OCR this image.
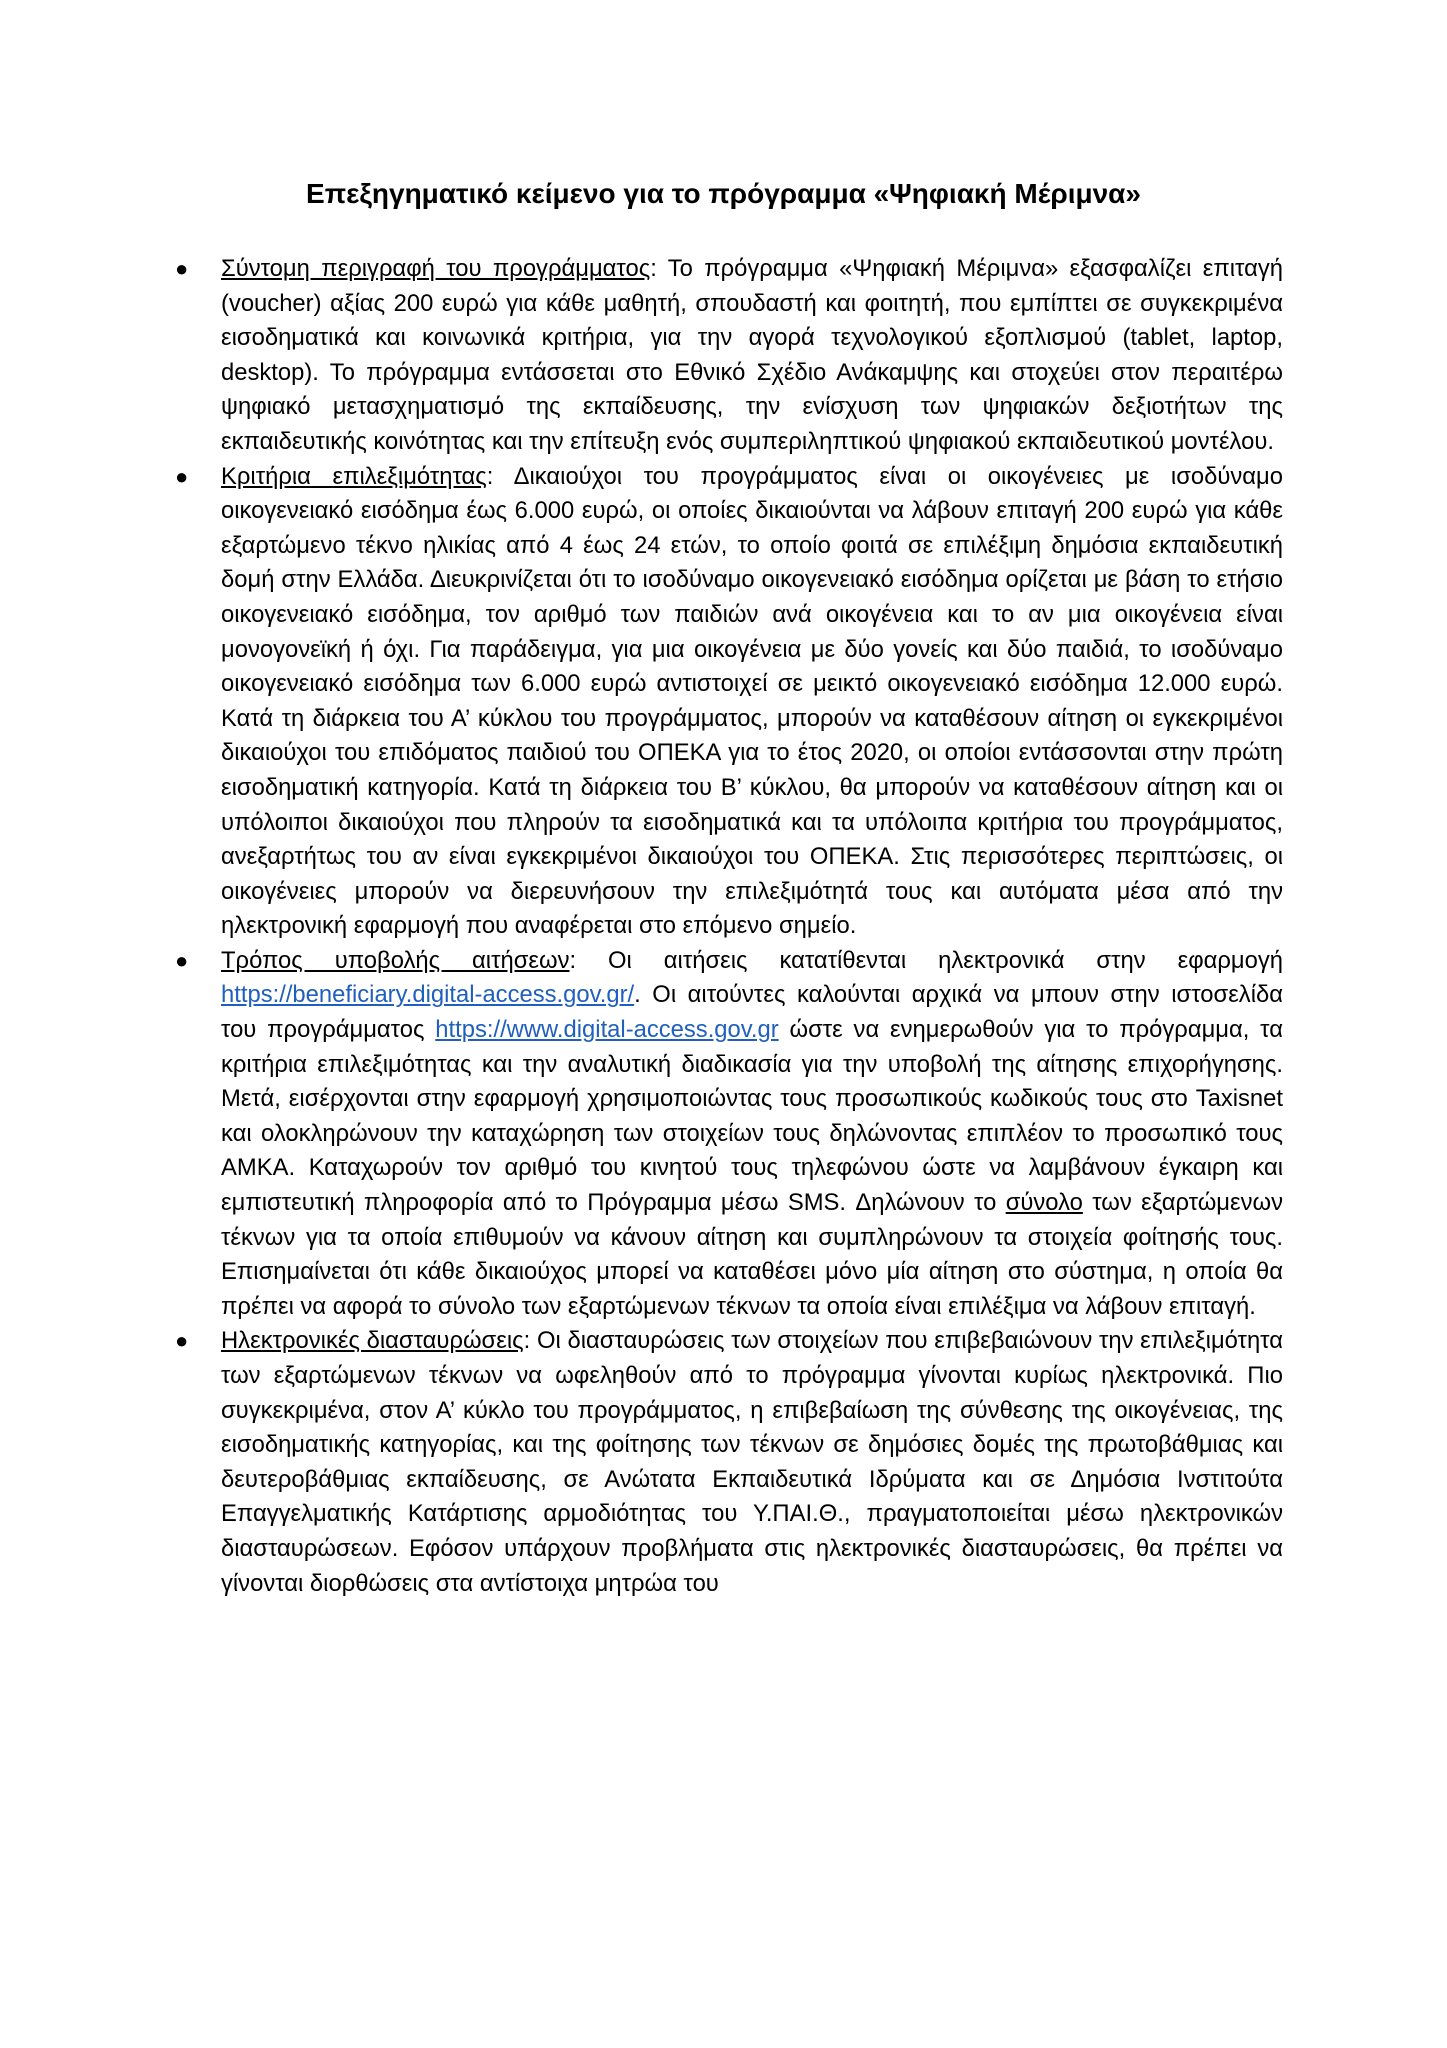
Επεξηγηματικό κείμενο για το πρόγραμμα «Ψηφιακή Μέριμνα»
● Σύντομη περιγραφή του προγράμματος: Το πρόγραμμα «Ψηφιακή Μέριμνα» εξασφαλίζει επιταγή (voucher) αξίας 200 ευρώ για κάθε μαθητή, σπουδαστή και φοιτητή, που εμπίπτει σε συγκεκριμένα εισοδηματικά και κοινωνικά κριτήρια, για την αγορά τεχνολογικού εξοπλισμού (tablet, laptop, desktop). Το πρόγραμμα εντάσσεται στο Εθνικό Σχέδιο Ανάκαμψης και στοχεύει στον περαιτέρω ψηφιακό μετασχηματισμό της εκπαίδευσης, την ενίσχυση των ψηφιακών δεξιοτήτων της εκπαιδευτικής κοινότητας και την επίτευξη ενός συμπεριληπτικού ψηφιακού εκπαιδευτικού μοντέλου.
● Κριτήρια επιλεξιμότητας: Δικαιούχοι του προγράμματος είναι οι οικογένειες με ισοδύναμο οικογενειακό εισόδημα έως 6.000 ευρώ, οι οποίες δικαιούνται να λάβουν επιταγή 200 ευρώ για κάθε εξαρτώμενο τέκνο ηλικίας από 4 έως 24 ετών, το οποίο φοιτά σε επιλέξιμη δημόσια εκπαιδευτική δομή στην Ελλάδα. Διευκρινίζεται ότι το ισοδύναμο οικογενειακό εισόδημα ορίζεται με βάση το ετήσιο οικογενειακό εισόδημα, τον αριθμό των παιδιών ανά οικογένεια και το αν μια οικογένεια είναι μονογονεϊκή ή όχι. Για παράδειγμα, για μια οικογένεια με δύο γονείς και δύο παιδιά, το ισοδύναμο οικογενειακό εισόδημα των 6.000 ευρώ αντιστοιχεί σε μεικτό οικογενειακό εισόδημα 12.000 ευρώ. Κατά τη διάρκεια του Α’ κύκλου του προγράμματος, μπορούν να καταθέσουν αίτηση οι εγκεκριμένοι δικαιούχοι του επιδόματος παιδιού του ΟΠΕΚΑ για το έτος 2020, οι οποίοι εντάσσονται στην πρώτη εισοδηματική κατηγορία. Κατά τη διάρκεια του Β’ κύκλου, θα μπορούν να καταθέσουν αίτηση και οι υπόλοιποι δικαιούχοι που πληρούν τα εισοδηματικά και τα υπόλοιπα κριτήρια του προγράμματος, ανεξαρτήτως του αν είναι εγκεκριμένοι δικαιούχοι του ΟΠΕΚΑ. Στις περισσότερες περιπτώσεις, οι οικογένειες μπορούν να διερευνήσουν την επιλεξιμότητά τους και αυτόματα μέσα από την ηλεκτρονική εφαρμογή που αναφέρεται στο επόμενο σημείο.
● Τρόπος υποβολής αιτήσεων: Οι αιτήσεις κατατίθενται ηλεκτρονικά στην εφαρμογή https://beneficiary.digital-access.gov.gr/. Οι αιτούντες καλούνται αρχικά να μπουν στην ιστοσελίδα του προγράμματος https://www.digital-access.gov.gr ώστε να ενημερωθούν για το πρόγραμμα, τα κριτήρια επιλεξιμότητας και την αναλυτική διαδικασία για την υποβολή της αίτησης επιχορήγησης. Μετά, εισέρχονται στην εφαρμογή χρησιμοποιώντας τους προσωπικούς κωδικούς τους στο Taxisnet και ολοκληρώνουν την καταχώρηση των στοιχείων τους δηλώνοντας επιπλέον το προσωπικό τους ΑΜΚΑ. Καταχωρούν τον αριθμό του κινητού τους τηλεφώνου ώστε να λαμβάνουν έγκαιρη και εμπιστευτική πληροφορία από το Πρόγραμμα μέσω SMS. Δηλώνουν το σύνολο των εξαρτώμενων τέκνων για τα οποία επιθυμούν να κάνουν αίτηση και συμπληρώνουν τα στοιχεία φοίτησής τους. Επισημαίνεται ότι κάθε δικαιούχος μπορεί να καταθέσει μόνο μία αίτηση στο σύστημα, η οποία θα πρέπει να αφορά το σύνολο των εξαρτώμενων τέκνων τα οποία είναι επιλέξιμα να λάβουν επιταγή.
● Ηλεκτρονικές διασταυρώσεις: Οι διασταυρώσεις των στοιχείων που επιβεβαιώνουν την επιλεξιμότητα των εξαρτώμενων τέκνων να ωφεληθούν από το πρόγραμμα γίνονται κυρίως ηλεκτρονικά. Πιο συγκεκριμένα, στον Α’ κύκλο του προγράμματος, η επιβεβαίωση της σύνθεσης της οικογένειας, της εισοδηματικής κατηγορίας, και της φοίτησης των τέκνων σε δημόσιες δομές της πρωτοβάθμιας και δευτεροβάθμιας εκπαίδευσης, σε Ανώτατα Εκπαιδευτικά Ιδρύματα και σε Δημόσια Ινστιτούτα Επαγγελματικής Κατάρτισης αρμοδιότητας του Υ.ΠΑΙ.Θ., πραγματοποιείται μέσω ηλεκτρονικών διασταυρώσεων. Εφόσον υπάρχουν προβλήματα στις ηλεκτρονικές διασταυρώσεις, θα πρέπει να γίνονται διορθώσεις στα αντίστοιχα μητρώα του
